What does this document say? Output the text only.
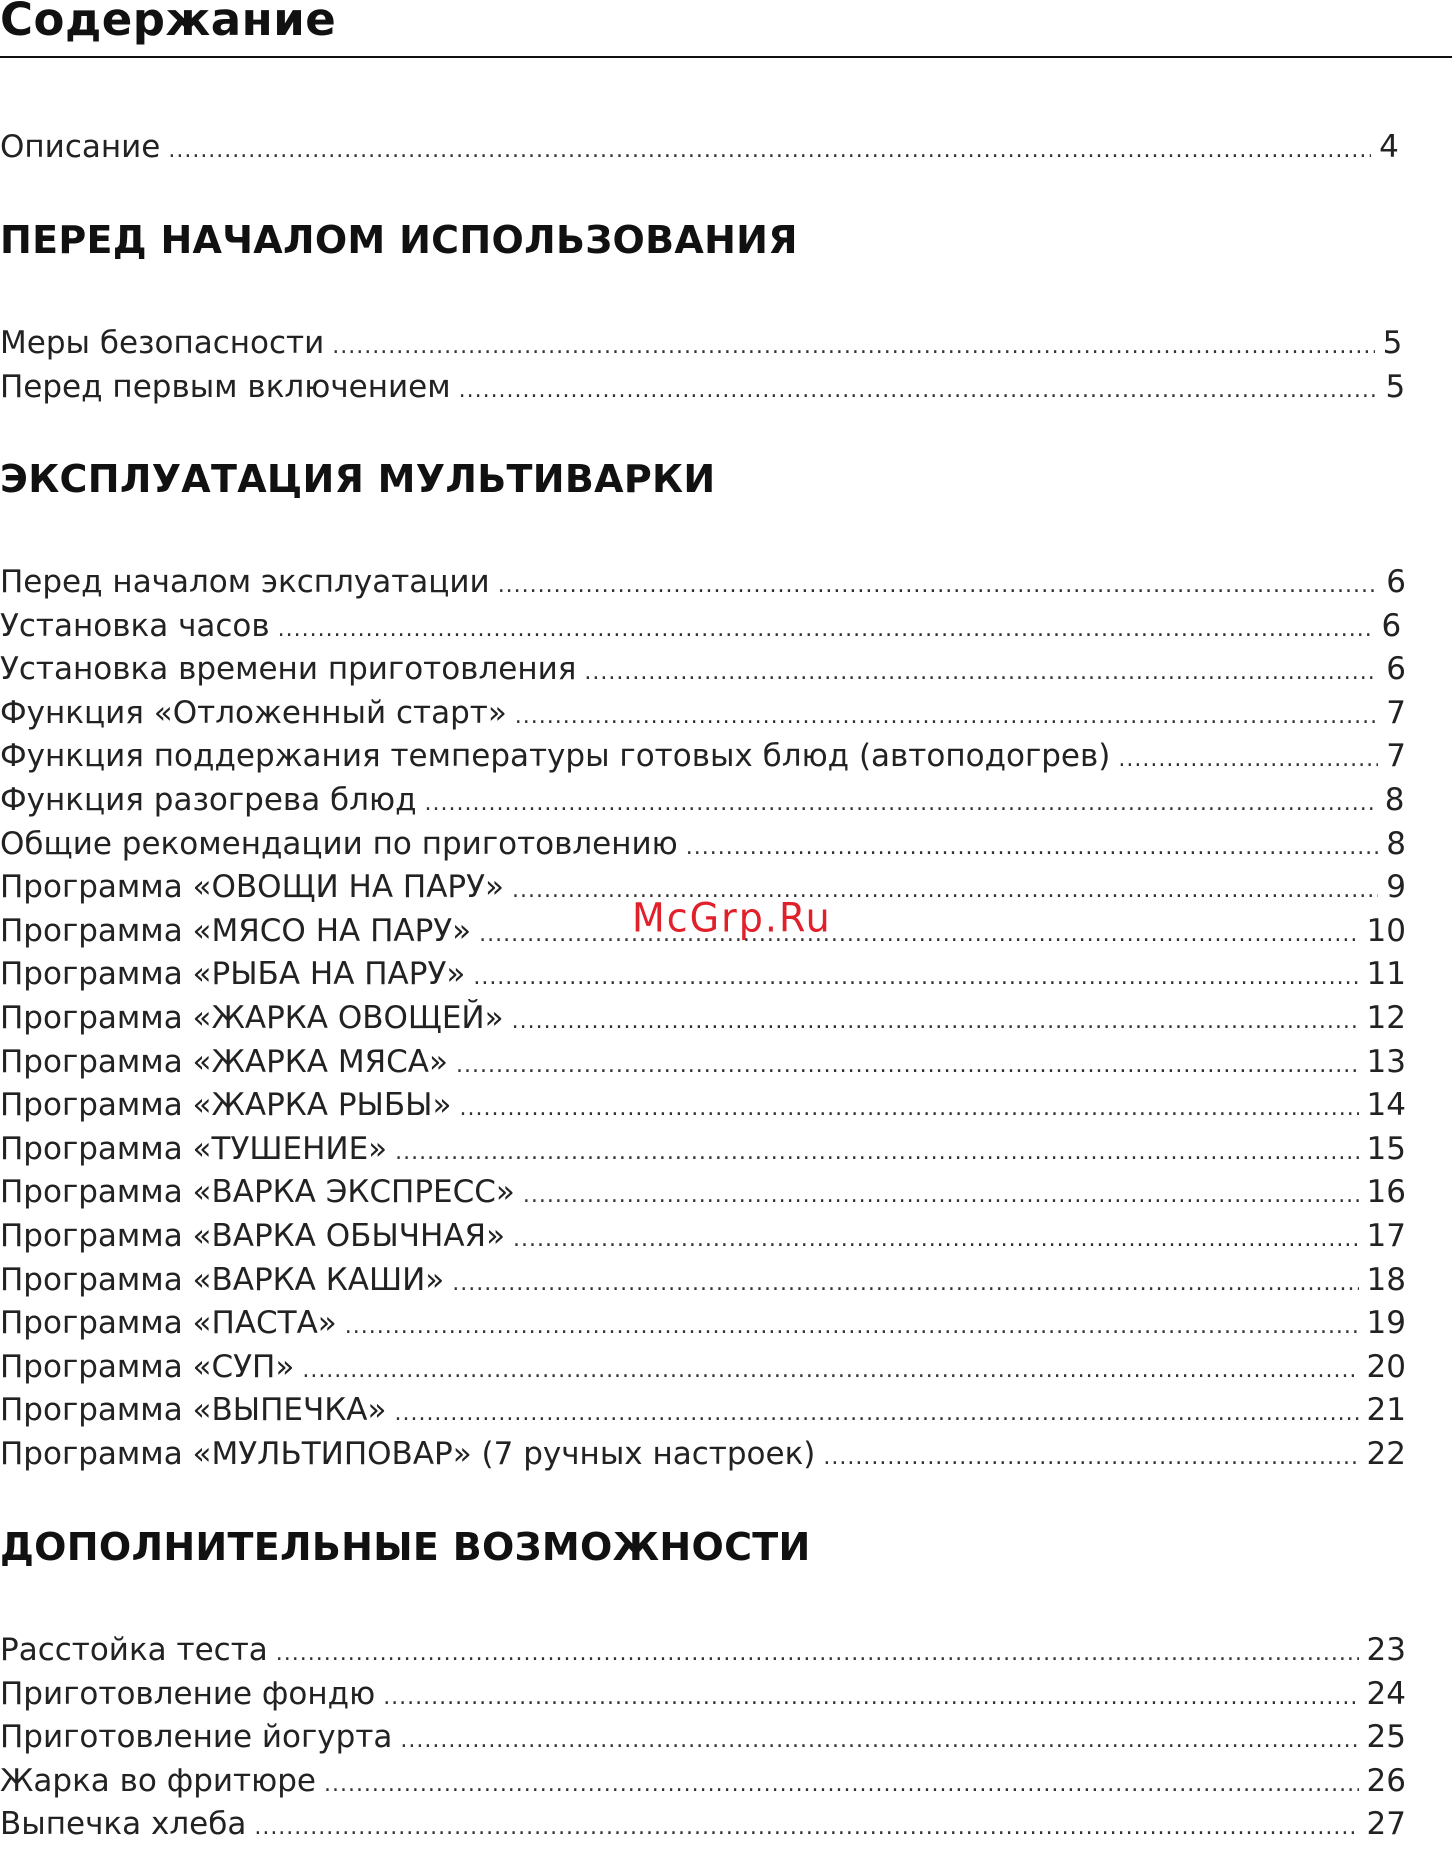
Содержание
Описание .....	4
ПЕРЕД НАЧАЛОМ ИСПОЛЬЗОВАНИЯ
Меры безопасности .....	5
Перед первым включением .....	5
ЭКСПЛУАТАЦИЯ МУЛЬТИВАРКИ
Перед началом эксплуатации .....	6
Установка часов .....	6
Установка времени приготовления .....	6
Функция «Отложенный старт» .....	7
Функция поддержания температуры готовых блюд (автоподогрев) .....	7
Функция разогрева блюд .....	8
Общие рекомендации по приготовлению .....	8
Программа «ОВОЩИ НА ПАРУ» .....	9
Программа «МЯСО НА ПАРУ» .....	10
Программа «РЫБА НА ПАРУ» .....	11
Программа «ЖАРКА ОВОЩЕЙ» .....	12
Программа «ЖАРКА МЯСА» .....	13
Программа «ЖАРКА РЫБЫ» .....	14
Программа «ТУШЕНИЕ» .....	15
Программа «ВАРКА ЭКСПРЕСС» .....	16
Программа «ВАРКА ОБЫЧНАЯ» .....	17
Программа «ВАРКА КАШИ» .....	18
Программа «ПАСТА» .....	19
Программа «СУП» .....	20
Программа «ВЫПЕЧКА» .....	21
Программа «МУЛЬТИПОВАР» (7 ручных настроек) .....	22
ДОПОЛНИТЕЛЬНЫЕ ВОЗМОЖНОСТИ
Расстойка теста .....	23
Приготовление фондю .....	24
Приготовление йогурта .....	25
Жарка во фритюре .....	26
Выпечка хлеба .....	27
McGrp.Ru
